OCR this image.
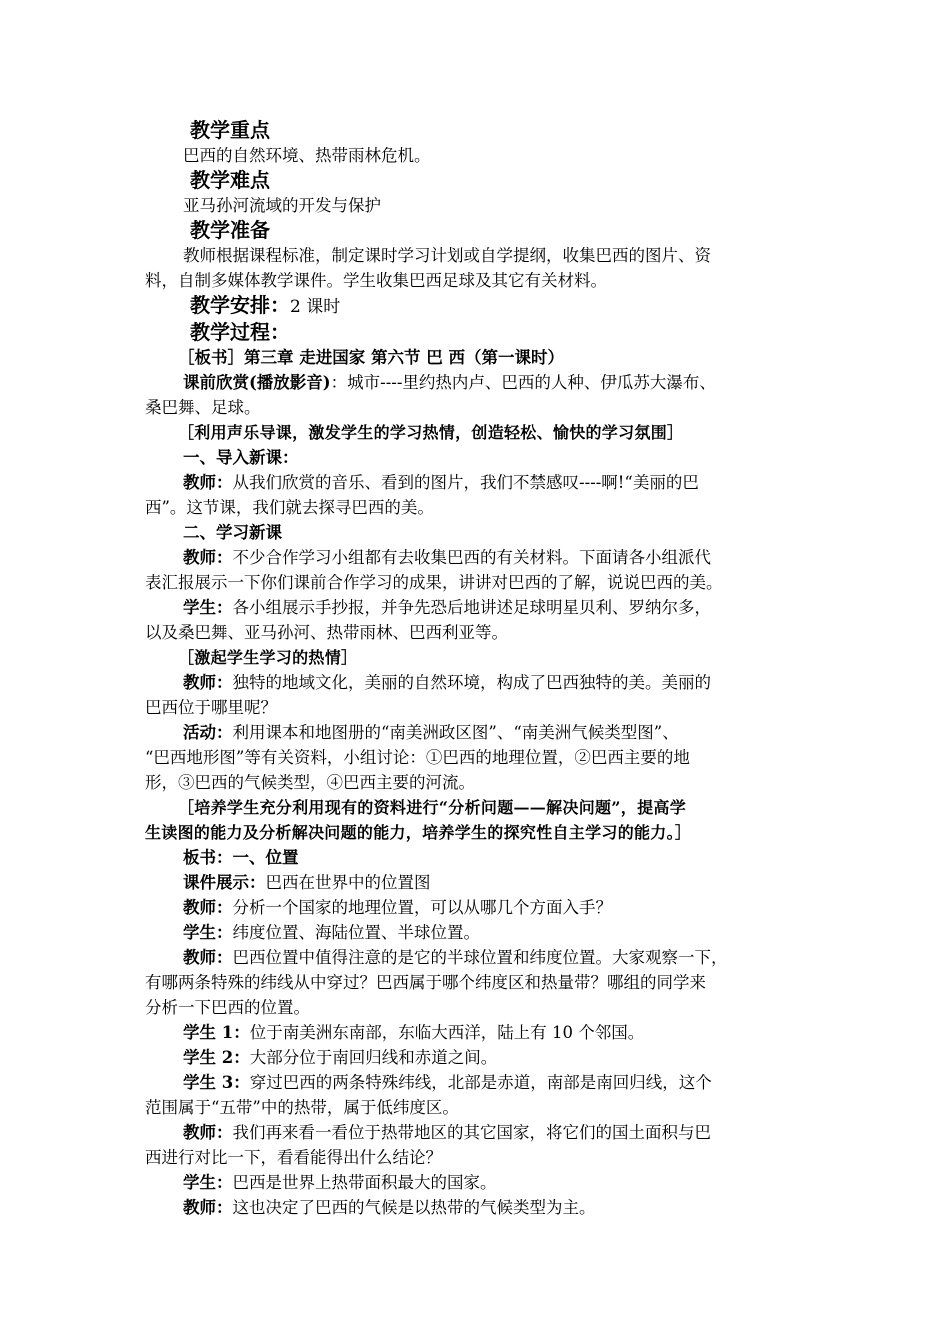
教学重点
巴西的自然环境、热带雨林危机。
教学难点
亚马孙河流域的开发与保护
教学准备
教师根据课程标准，制定课时学习计划或自学提纲，收集巴西的图片、资
料，自制多媒体教学课件。学生收集巴西足球及其它有关材料。
教学安排：2 课时
教学过程：
［板书］第三章 走进国家 第六节 巴 西（第一课时）
课前欣赏(播放影音)：城市----里约热内卢、巴西的人种、伊瓜苏大瀑布、
桑巴舞、足球。
［利用声乐导课，激发学生的学习热情，创造轻松、愉快的学习氛围］
一、导入新课：
教师：从我们欣赏的音乐、看到的图片，我们不禁感叹----啊!“美丽的巴
西”。这节课，我们就去探寻巴西的美。
二、学习新课
教师：不少合作学习小组都有去收集巴西的有关材料。下面请各小组派代
表汇报展示一下你们课前合作学习的成果，讲讲对巴西的了解，说说巴西的美。
学生：各小组展示手抄报，并争先恐后地讲述足球明星贝利、罗纳尔多，
以及桑巴舞、亚马孙河、热带雨林、巴西利亚等。
［激起学生学习的热情］
教师：独特的地域文化，美丽的自然环境，构成了巴西独特的美。美丽的
巴西位于哪里呢？
活动：利用课本和地图册的“南美洲政区图”、“南美洲气候类型图”、
“巴西地形图”等有关资料，小组讨论：①巴西的地理位置，②巴西主要的地
形，③巴西的气候类型，④巴西主要的河流。
［培养学生充分利用现有的资料进行“分析问题——解决问题”，提高学
生读图的能力及分析解决问题的能力，培养学生的探究性自主学习的能力。］
板书：一、位置
课件展示：巴西在世界中的位置图
教师：分析一个国家的地理位置，可以从哪几个方面入手？
学生：纬度位置、海陆位置、半球位置。
教师：巴西位置中值得注意的是它的半球位置和纬度位置。大家观察一下，
有哪两条特殊的纬线从中穿过？巴西属于哪个纬度区和热量带？哪组的同学来
分析一下巴西的位置。
学生 1：位于南美洲东南部，东临大西洋，陆上有 10 个邻国。
学生 2：大部分位于南回归线和赤道之间。
学生 3：穿过巴西的两条特殊纬线，北部是赤道，南部是南回归线，这个
范围属于“五带”中的热带，属于低纬度区。
教师：我们再来看一看位于热带地区的其它国家，将它们的国土面积与巴
西进行对比一下，看看能得出什么结论？
学生：巴西是世界上热带面积最大的国家。
教师：这也决定了巴西的气候是以热带的气候类型为主。
